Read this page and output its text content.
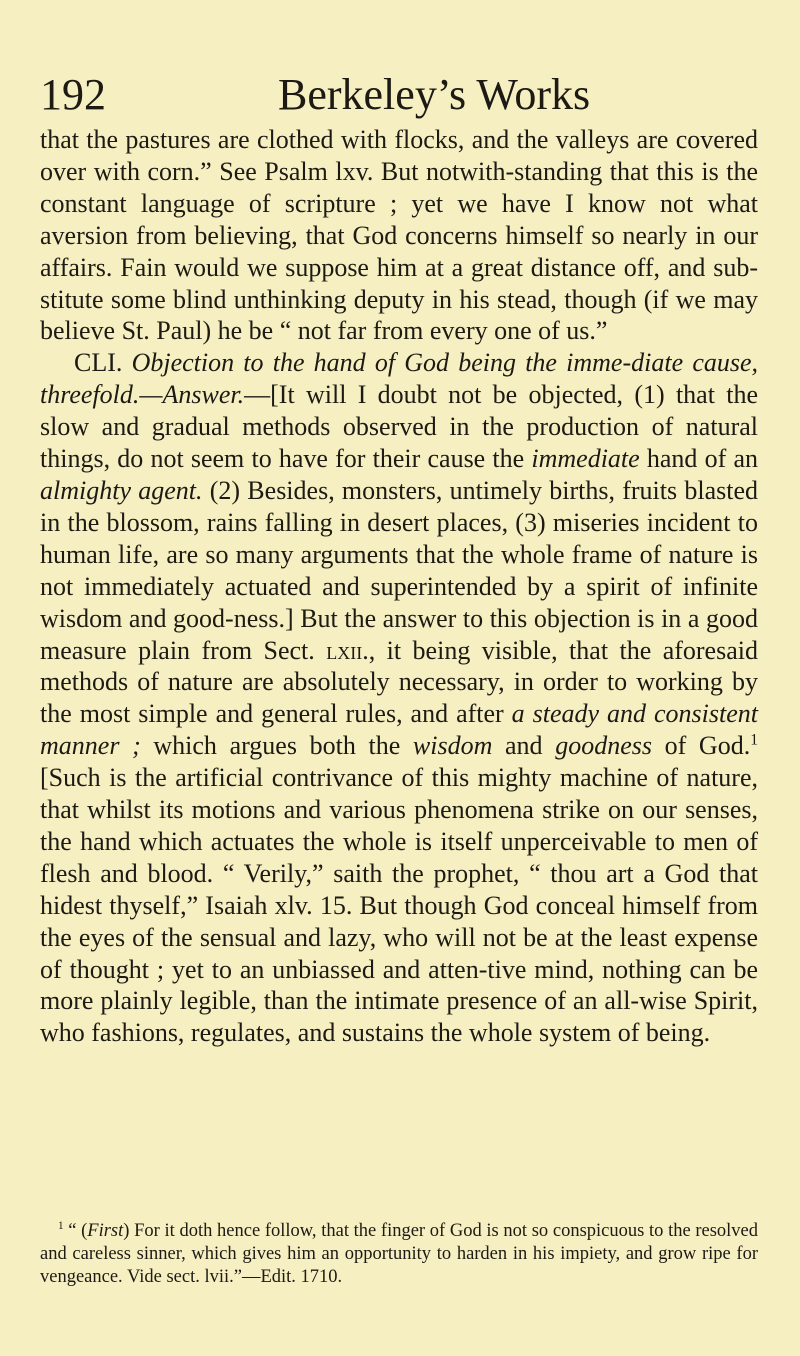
192	Berkeley’s Works

that the pastures are clothed with flocks, and the valleys are covered over with corn.” See Psalm lxv. But notwith-standing that this is the constant language of scripture ; yet we have I know not what aversion from believing, that God concerns himself so nearly in our affairs. Fain would we suppose him at a great distance off, and sub-stitute some blind unthinking deputy in his stead, though (if we may believe St. Paul) he be “ not far from every one of us.”

CLI. Objection to the hand of God being the imme-diate cause, threefold.—Answer.—[It will I doubt not be objected, (1) that the slow and gradual methods observed in the production of natural things, do not seem to have for their cause the immediate hand of an almighty agent. (2) Besides, monsters, untimely births, fruits blasted in the blossom, rains falling in desert places, (3) miseries incident to human life, are so many arguments that the whole frame of nature is not immediately actuated and superintended by a spirit of infinite wisdom and good-ness.] But the answer to this objection is in a good measure plain from Sect. lxii., it being visible, that the aforesaid methods of nature are absolutely necessary, in order to working by the most simple and general rules, and after a steady and consistent manner ; which argues both the wisdom and goodness of God.$^1$ [Such is the artificial contrivance of this mighty machine of nature, that whilst its motions and various phenomena strike on our senses, the hand which actuates the whole is itself unperceivable to men of flesh and blood. “ Verily,” saith the prophet, “ thou art a God that hidest thyself,” Isaiah xlv. 15. But though God conceal himself from the eyes of the sensual and lazy, who will not be at the least expense of thought ; yet to an unbiassed and atten-tive mind, nothing can be more plainly legible, than the intimate presence of an all-wise Spirit, who fashions, regulates, and sustains the whole system of being.

$^1$ “ (First) For it doth hence follow, that the finger of God is not so conspicuous to the resolved and careless sinner, which gives him an opportunity to harden in his impiety, and grow ripe for vengeance. Vide sect. lvii.”—Edit. 1710.
